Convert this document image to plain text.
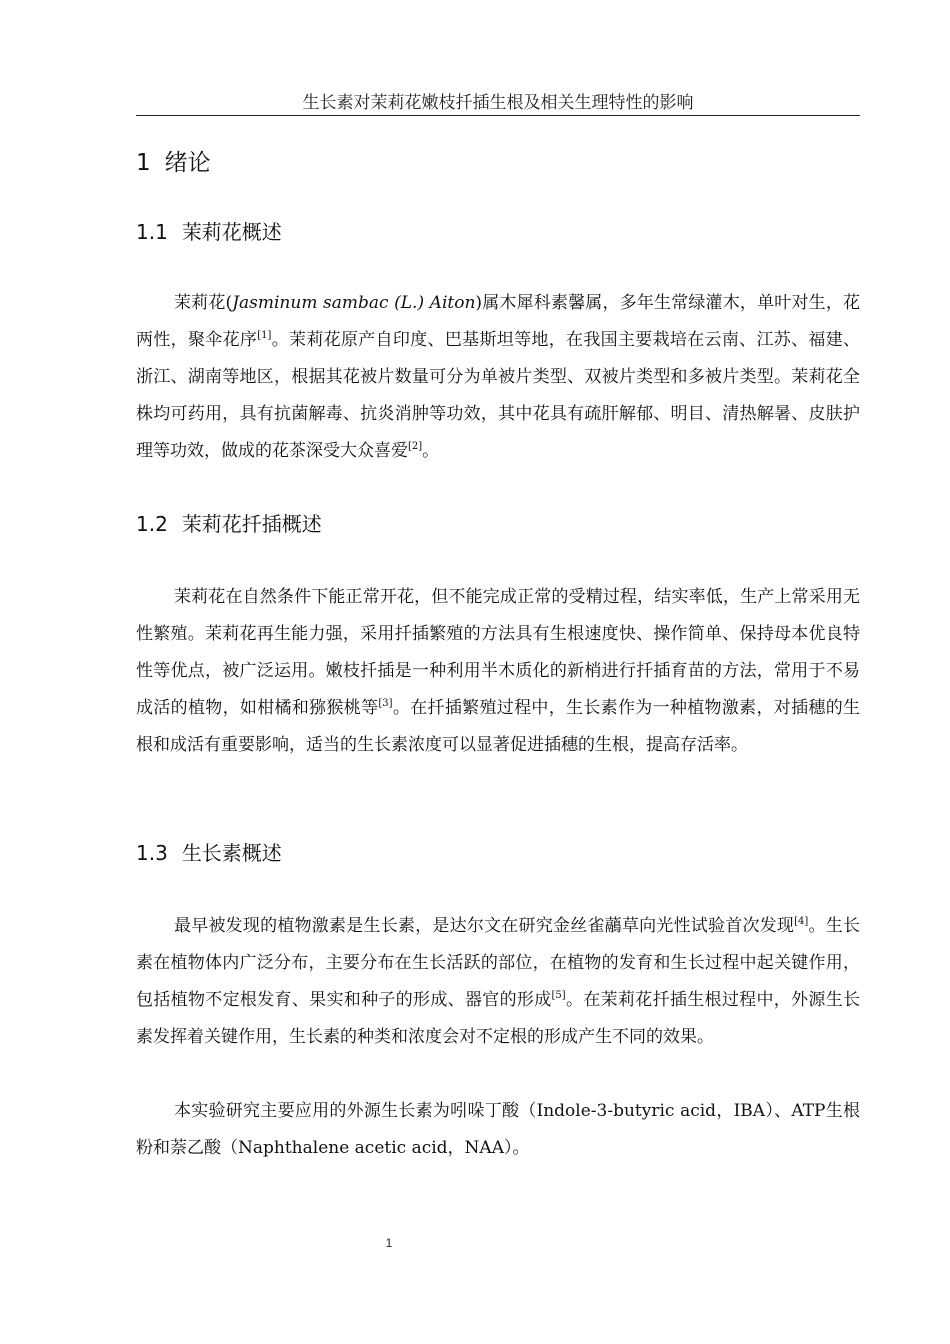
生长素对茉莉花嫩枝扦插生根及相关生理特性的影响
1 绪论
1.1 茉莉花概述
茉莉花(Jasminum sambac (L.) Aiton)属木犀科素馨属，多年生常绿灌木，单叶对生，花两性，聚伞花序[1]。茉莉花原产自印度、巴基斯坦等地，在我国主要栽培在云南、江苏、福建、浙江、湖南等地区，根据其花被片数量可分为单被片类型、双被片类型和多被片类型。茉莉花全株均可药用，具有抗菌解毒、抗炎消肿等功效，其中花具有疏肝解郁、明目、清热解暑、皮肤护理等功效，做成的花茶深受大众喜爱[2]。
1.2 茉莉花扦插概述
茉莉花在自然条件下能正常开花，但不能完成正常的受精过程，结实率低，生产上常采用无性繁殖。茉莉花再生能力强，采用扦插繁殖的方法具有生根速度快、操作简单、保持母本优良特性等优点，被广泛运用。嫩枝扦插是一种利用半木质化的新梢进行扦插育苗的方法，常用于不易成活的植物，如柑橘和猕猴桃等[3]。在扦插繁殖过程中，生长素作为一种植物激素，对插穗的生根和成活有重要影响，适当的生长素浓度可以显著促进插穗的生根，提高存活率。
1.3 生长素概述
最早被发现的植物激素是生长素，是达尔文在研究金丝雀虉草向光性试验首次发现[4]。生长素在植物体内广泛分布，主要分布在生长活跃的部位，在植物的发育和生长过程中起关键作用，包括植物不定根发育、果实和种子的形成、器官的形成[5]。在茉莉花扦插生根过程中，外源生长素发挥着关键作用，生长素的种类和浓度会对不定根的形成产生不同的效果。
本实验研究主要应用的外源生长素为吲哚丁酸（Indole-3-butyric acid，IBA）、ATP生根粉和萘乙酸（Naphthalene acetic acid，NAA）。
1
